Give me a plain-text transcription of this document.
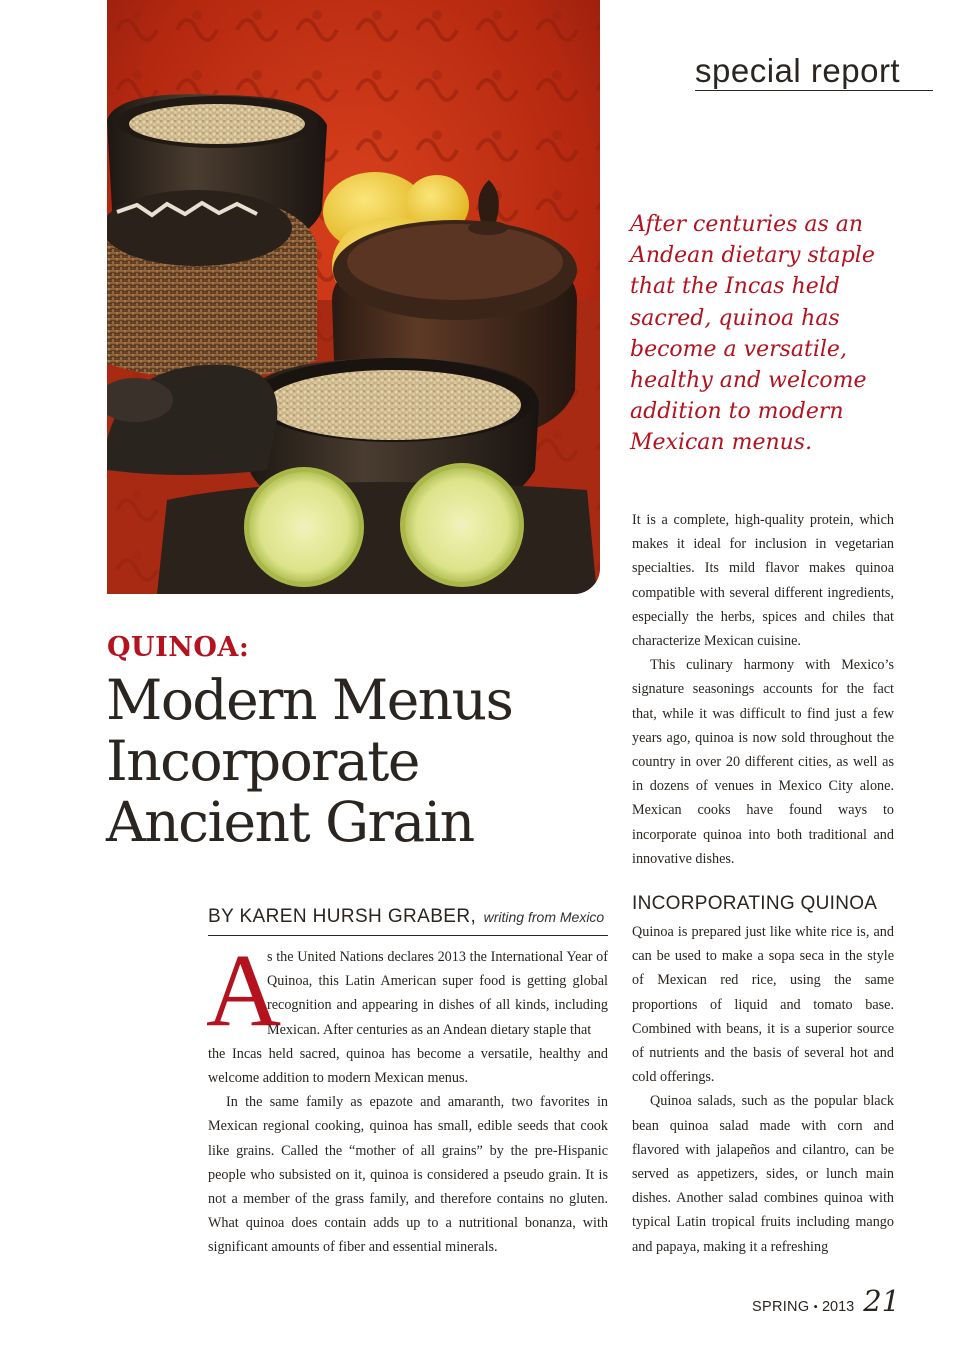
special report
After centuries as an Andean dietary staple that the Incas held sacred, quinoa has become a versatile, healthy and welcome addition to modern Mexican menus.
QUINOA:
Modern Menus
Incorporate
Ancient Grain
BY KAREN HURSH GRABER, writing from Mexico
A
s the United Nations declares 2013 the International Year of Quinoa, this Latin American super food is getting global recognition and appearing in dishes of all kinds, including Mexican. After centuries as an Andean dietary staple that

the Incas held sacred, quinoa has become a versatile, healthy and welcome addition to modern Mexican menus.

In the same family as epazote and amaranth, two favorites in Mexican regional cooking, quinoa has small, edible seeds that cook like grains. Called the “mother of all grains” by the pre-Hispanic people who subsisted on it, quinoa is considered a pseudo grain. It is not a member of the grass family, and therefore contains no gluten. What quinoa does contain adds up to a nutritional bonanza, with significant amounts of fiber and essential minerals.

It is a complete, high-quality protein, which makes it ideal for inclusion in vegetarian specialties. Its mild flavor makes quinoa compatible with several different ingredients, especially the herbs, spices and chiles that characterize Mexican cuisine.

This culinary harmony with Mexico’s signature seasonings accounts for the fact that, while it was difficult to find just a few years ago, quinoa is now sold throughout the country in over 20 different cities, as well as in dozens of venues in Mexico City alone. Mexican cooks have found ways to incorporate quinoa into both traditional and innovative dishes.

INCORPORATING QUINOA

Quinoa is prepared just like white rice is, and can be used to make a sopa seca in the style of Mexican red rice, using the same proportions of liquid and tomato base. Combined with beans, it is a superior source of nutrients and the basis of several hot and cold offerings.

Quinoa salads, such as the popular black bean quinoa salad made with corn and flavored with jalapeños and cilantro, can be served as appetizers, sides, or lunch main dishes. Another salad combines quinoa with typical Latin tropical fruits including mango and papaya, making it a refreshing

SPRING • 2013 21
